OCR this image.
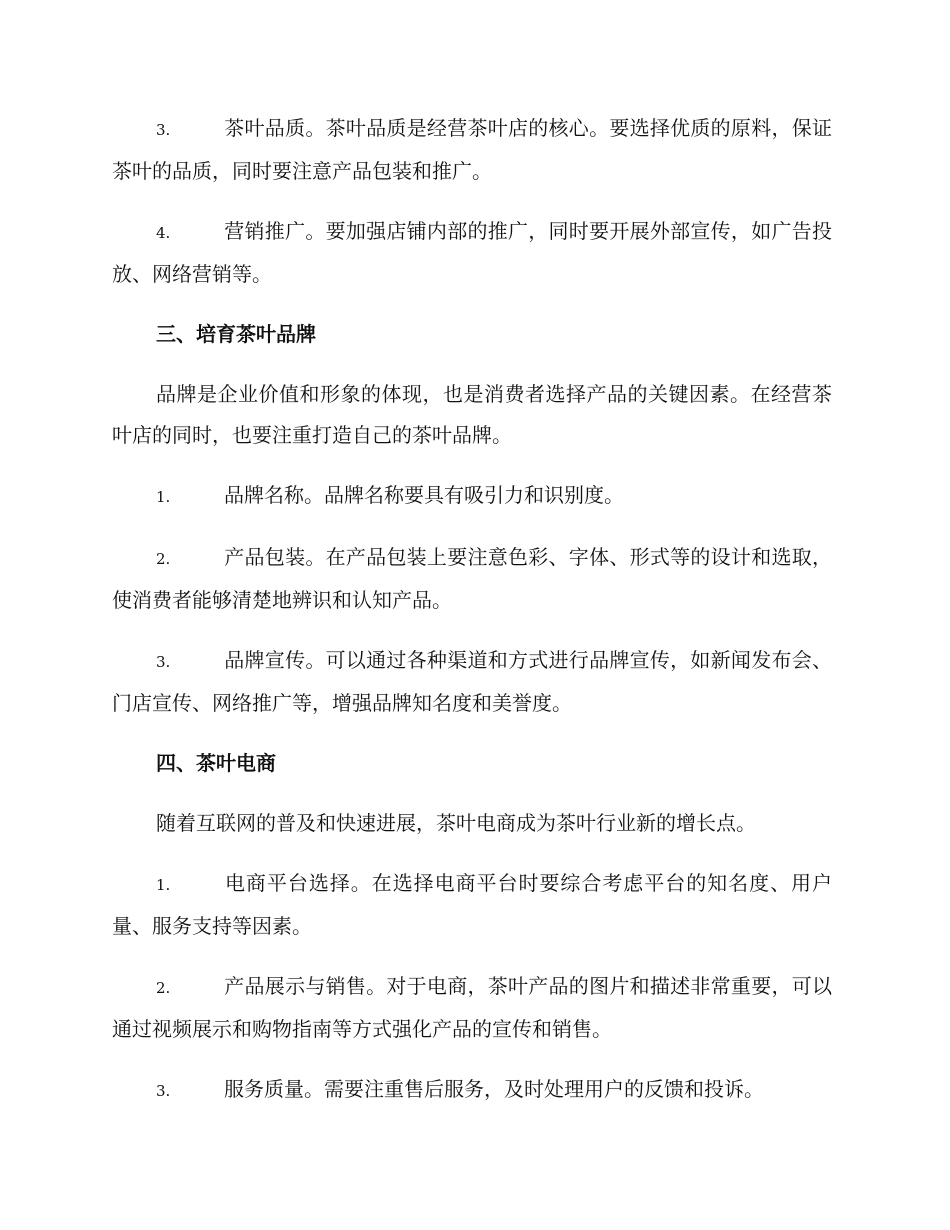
3.	茶叶品质。茶叶品质是经营茶叶店的核心。要选择优质的原料，保证茶叶的品质，同时要注意产品包装和推广。

4.	营销推广。要加强店铺内部的推广，同时要开展外部宣传，如广告投放、网络营销等。

三、培育茶叶品牌

品牌是企业价值和形象的体现，也是消费者选择产品的关键因素。在经营茶叶店的同时，也要注重打造自己的茶叶品牌。

1.	品牌名称。品牌名称要具有吸引力和识别度。

2.	产品包装。在产品包装上要注意色彩、字体、形式等的设计和选取，使消费者能够清楚地辨识和认知产品。

3.	品牌宣传。可以通过各种渠道和方式进行品牌宣传，如新闻发布会、门店宣传、网络推广等，增强品牌知名度和美誉度。

四、茶叶电商

随着互联网的普及和快速进展，茶叶电商成为茶叶行业新的增长点。

1.	电商平台选择。在选择电商平台时要综合考虑平台的知名度、用户量、服务支持等因素。

2.	产品展示与销售。对于电商，茶叶产品的图片和描述非常重要，可以通过视频展示和购物指南等方式强化产品的宣传和销售。

3.	服务质量。需要注重售后服务，及时处理用户的反馈和投诉。
